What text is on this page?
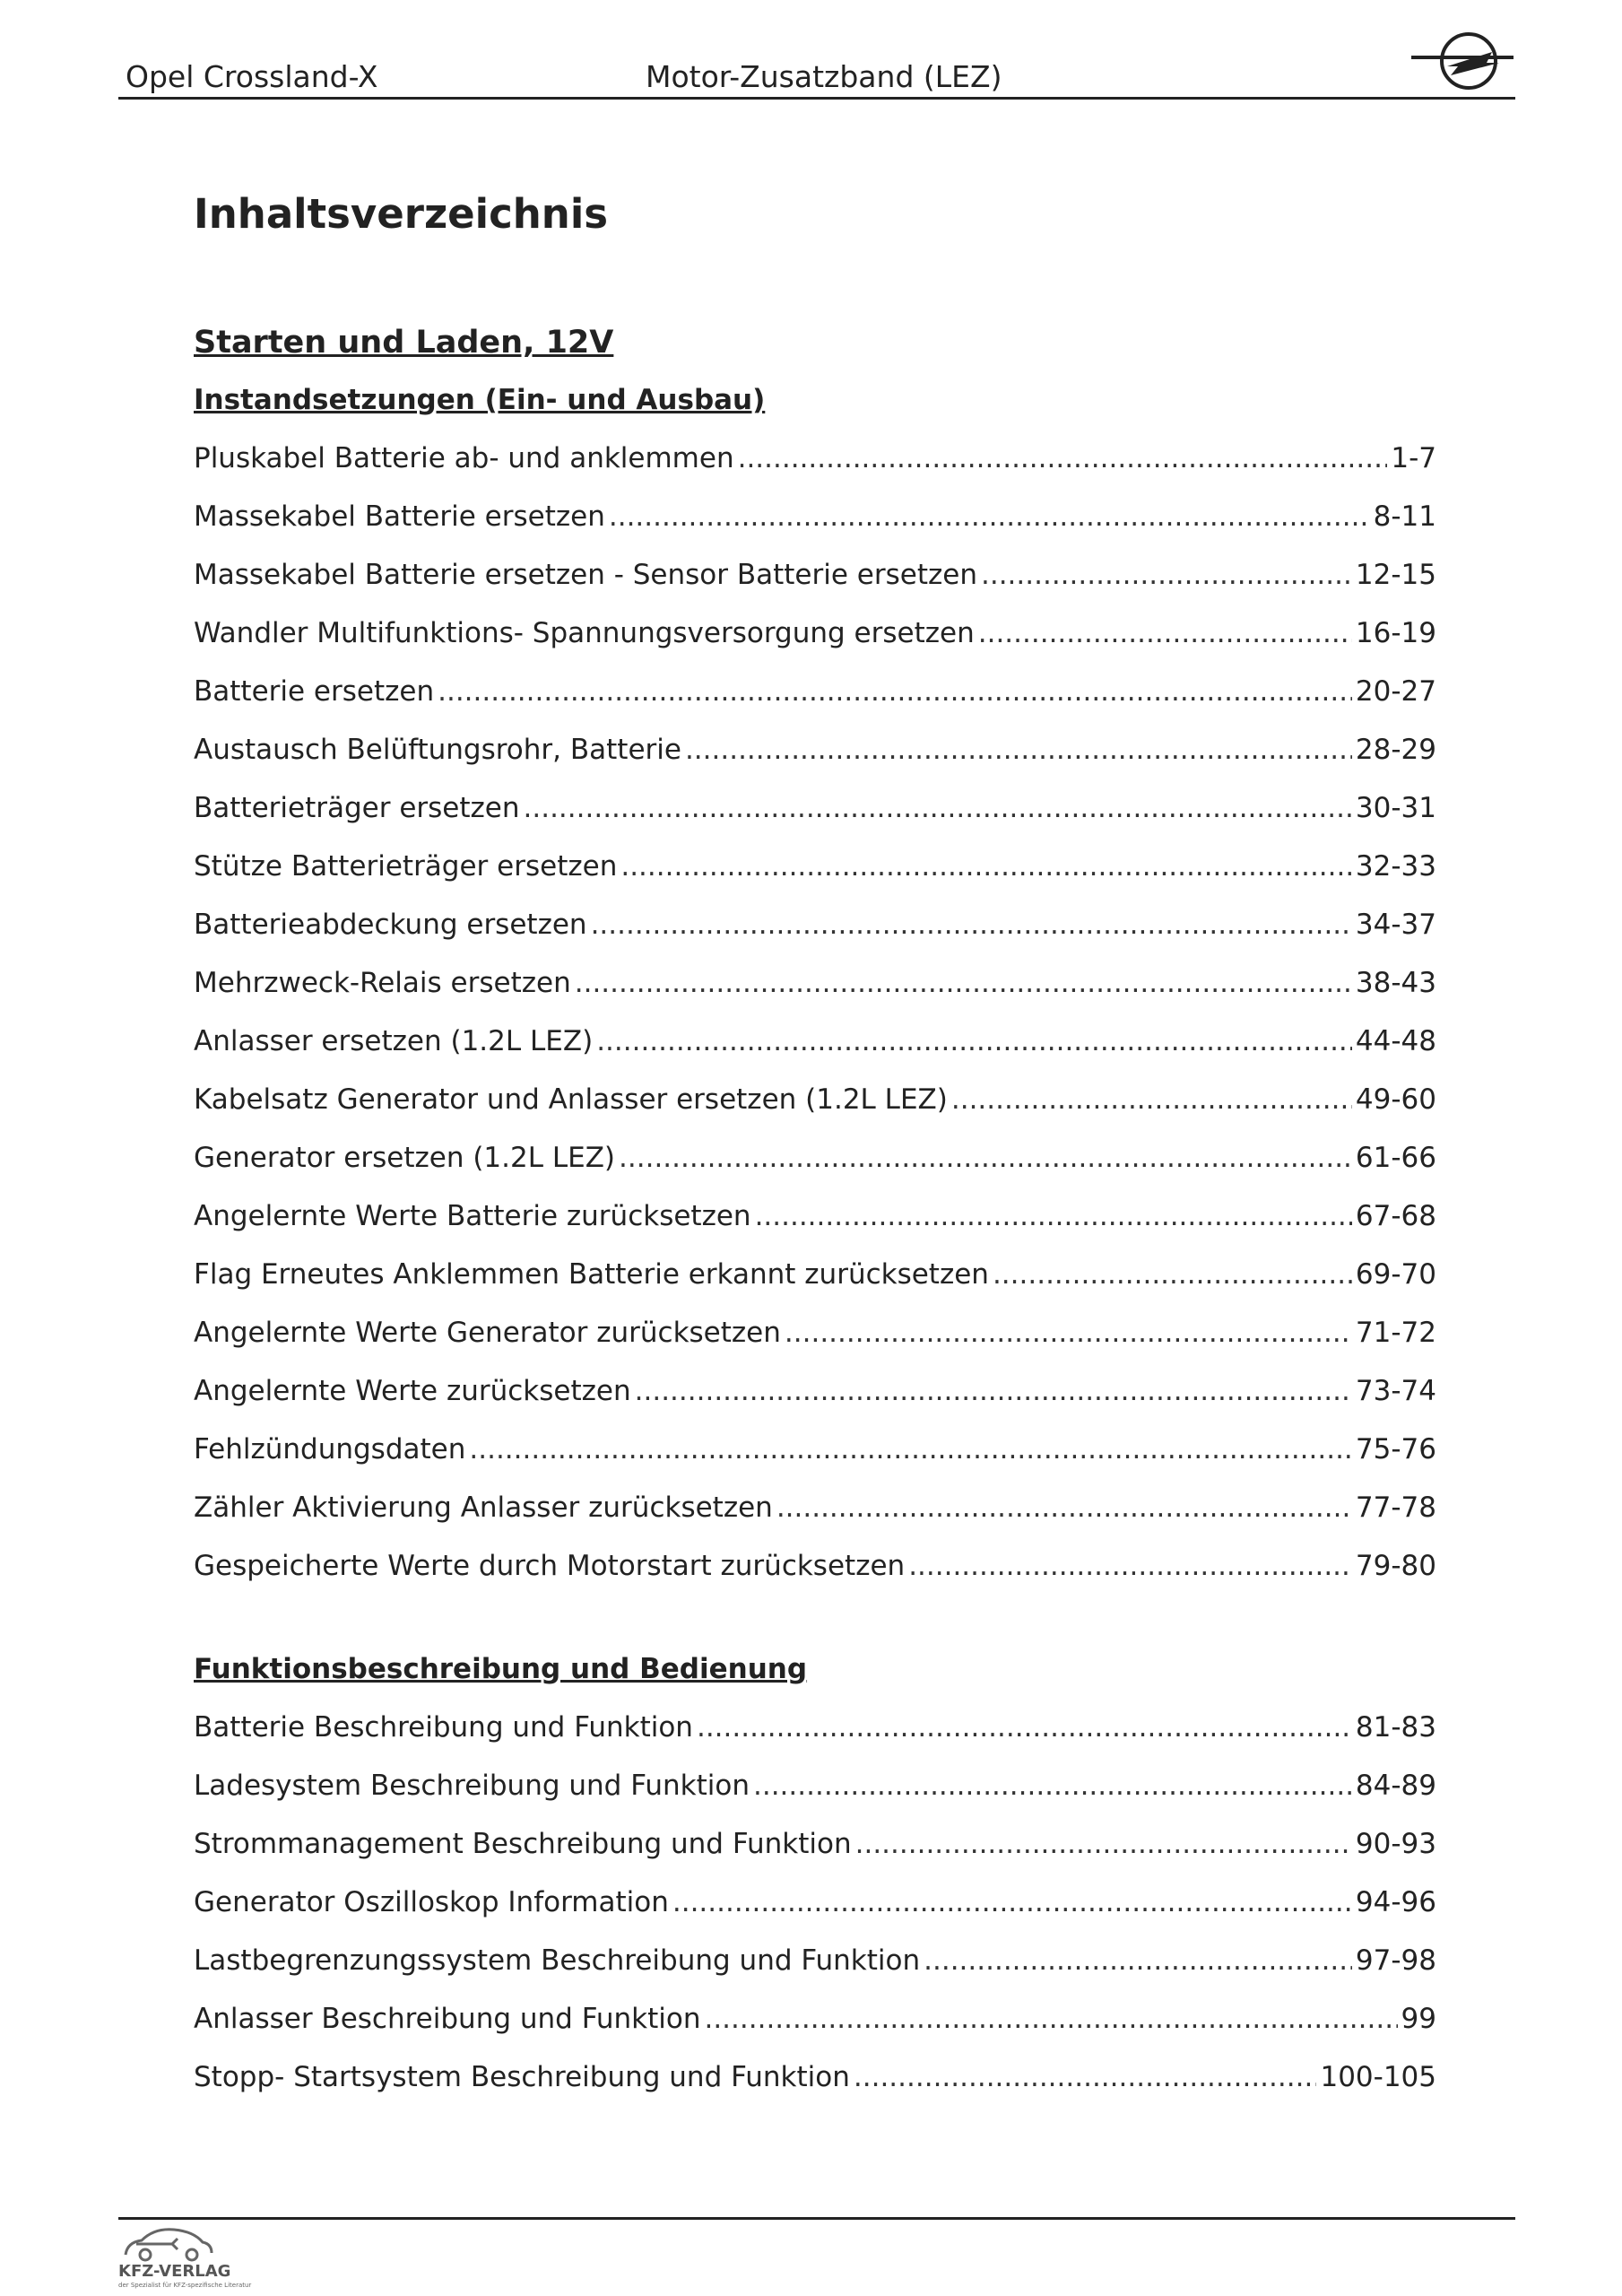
Opel Crossland-X	Motor-Zusatzband (LEZ)
Inhaltsverzeichnis
Starten und Laden, 12V
Instandsetzungen (Ein- und Ausbau)
Pluskabel Batterie ab- und anklemmen .....	1-7
Massekabel Batterie ersetzen .....	8-11
Massekabel Batterie ersetzen - Sensor Batterie ersetzen .....	12-15
Wandler Multifunktions- Spannungsversorgung ersetzen .....	16-19
Batterie ersetzen .....	20-27
Austausch Belüftungsrohr, Batterie .....	28-29
Batterieträger ersetzen .....	30-31
Stütze Batterieträger ersetzen .....	32-33
Batterieabdeckung ersetzen .....	34-37
Mehrzweck-Relais ersetzen .....	38-43
Anlasser ersetzen (1.2L LEZ) .....	44-48
Kabelsatz Generator und Anlasser ersetzen (1.2L LEZ) .....	49-60
Generator ersetzen (1.2L LEZ) .....	61-66
Angelernte Werte Batterie zurücksetzen .....	67-68
Flag Erneutes Anklemmen Batterie erkannt zurücksetzen .....	69-70
Angelernte Werte Generator zurücksetzen .....	71-72
Angelernte Werte zurücksetzen .....	73-74
Fehlzündungsdaten .....	75-76
Zähler Aktivierung Anlasser zurücksetzen .....	77-78
Gespeicherte Werte durch Motorstart zurücksetzen .....	79-80
Funktionsbeschreibung und Bedienung
Batterie Beschreibung und Funktion .....	81-83
Ladesystem Beschreibung und Funktion .....	84-89
Strommanagement Beschreibung und Funktion .....	90-93
Generator Oszilloskop Information .....	94-96
Lastbegrenzungssystem Beschreibung und Funktion .....	97-98
Anlasser Beschreibung und Funktion .....	99
Stopp- Startsystem Beschreibung und Funktion .....	100-105
KFZ-VERLAG
der Spezialist für KFZ-spezifische Literatur
